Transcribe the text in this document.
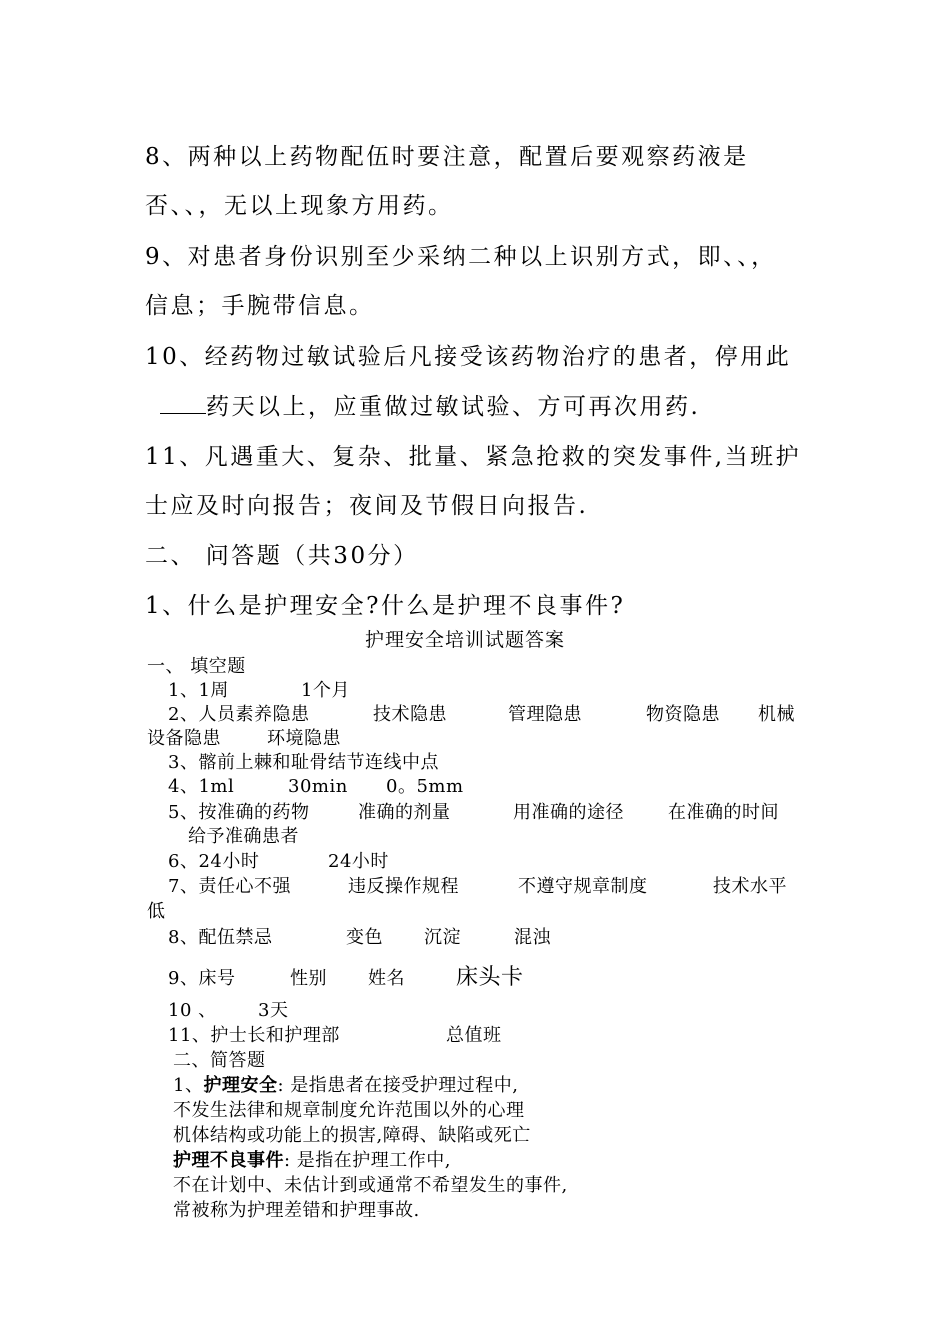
8、两种以上药物配伍时要注意，配置后要观察药液是
否、、，无以上现象方用药。
9、对患者身份识别至少采纳二种以上识别方式，即、、，
信息；手腕带信息。
10、经药物过敏试验后凡接受该药物治疗的患者，停用此
药天以上，应重做过敏试验、方可再次用药.
11、凡遇重大、复杂、批量、紧急抢救的突发事件,当班护
士应及时向报告；夜间及节假日向报告.
二、 问答题（共30分）
1、什么是护理安全?什么是护理不良事件?
护理安全培训试题答案
一、 填空题
1、1周	1个月
2、人员素养隐患	技术隐患	管理隐患	物资隐患 机械
设备隐患	环境隐患
3、髂前上棘和耻骨结节连线中点
4、1ml	30min 0。5mm
5、按准确的药物	准确的剂量	用准确的途径 在准确的时间
给予准确患者
6、24小时	24小时
7、责任心不强	违反操作规程	不遵守规章制度	技术水平
低
8、配伍禁忌	变色 沉淀	混浊
9、床号	性别 姓名 床头卡
10 、 3天
11、护士长和护理部	总值班
二、简答题
1、护理安全: 是指患者在接受护理过程中,
不发生法律和规章制度允许范围以外的心理
机体结构或功能上的损害,障碍、缺陷或死亡
护理不良事件: 是指在护理工作中,
不在计划中、未估计到或通常不希望发生的事件,
常被称为护理差错和护理事故.
